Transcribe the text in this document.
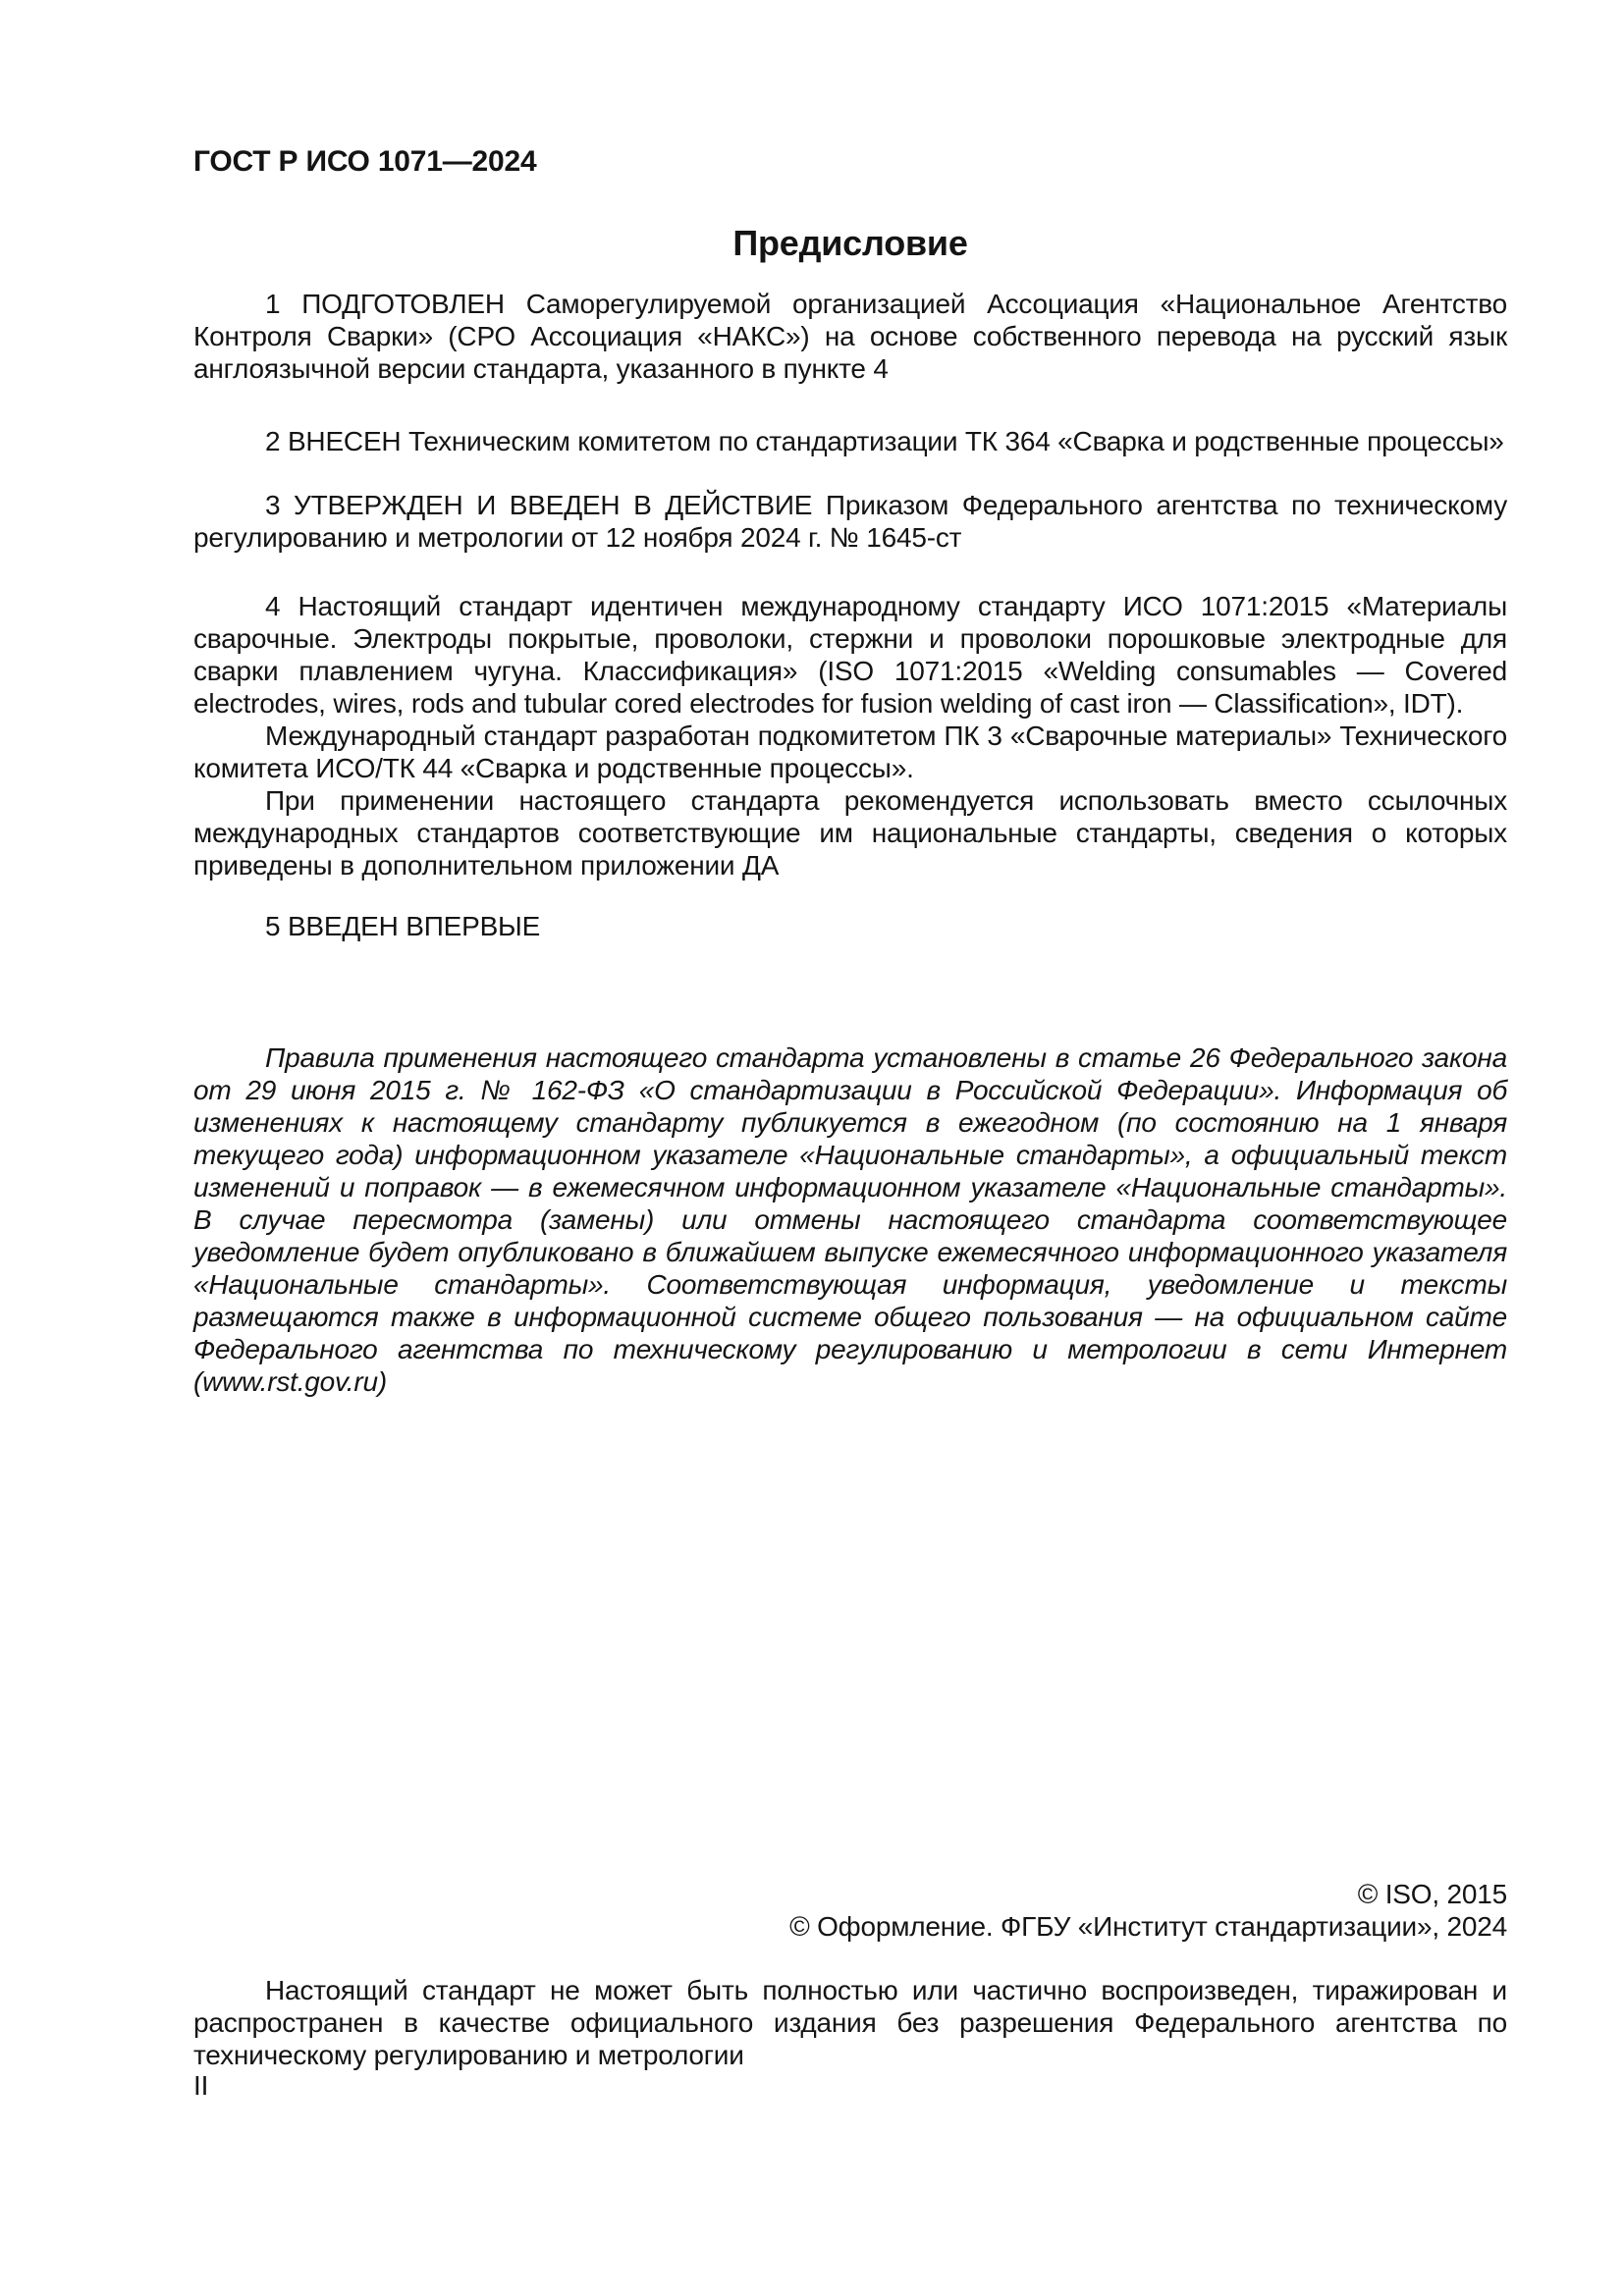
ГОСТ Р ИСО 1071—2024
Предисловие

1 ПОДГОТОВЛЕН Саморегулируемой организацией Ассоциация «Национальное Агентство Контроля Сварки» (СРО Ассоциация «НАКС») на основе собственного перевода на русский язык англоязычной версии стандарта, указанного в пункте 4

2 ВНЕСЕН Техническим комитетом по стандартизации ТК 364 «Сварка и родственные процессы»

3 УТВЕРЖДЕН И ВВЕДЕН В ДЕЙСТВИЕ Приказом Федерального агентства по техническому регулированию и метрологии от 12 ноября 2024 г. № 1645-ст

4 Настоящий стандарт идентичен международному стандарту ИСО 1071:2015 «Материалы сварочные. Электроды покрытые, проволоки, стержни и проволоки порошковые электродные для сварки плавлением чугуна. Классификация» (ISO 1071:2015 «Welding consumables — Covered electrodes, wires, rods and tubular cored electrodes for fusion welding of cast iron — Classification», IDT).

Международный стандарт разработан подкомитетом ПК 3 «Сварочные материалы» Технического комитета ИСО/ТК 44 «Сварка и родственные процессы».

При применении настоящего стандарта рекомендуется использовать вместо ссылочных международных стандартов соответствующие им национальные стандарты, сведения о которых приведены в дополнительном приложении ДА

5 ВВЕДЕН ВПЕРВЫЕ

Правила применения настоящего стандарта установлены в статье 26 Федерального закона от 29 июня 2015 г. № 162-ФЗ «О стандартизации в Российской Федерации». Информация об изменениях к настоящему стандарту публикуется в ежегодном (по состоянию на 1 января текущего года) информационном указателе «Национальные стандарты», а официальный текст изменений и поправок — в ежемесячном информационном указателе «Национальные стандарты». В случае пересмотра (замены) или отмены настоящего стандарта соответствующее уведомление будет опубликовано в ближайшем выпуске ежемесячного информационного указателя «Национальные стандарты». Соответствующая информация, уведомление и тексты размещаются также в информационной системе общего пользования — на официальном сайте Федерального агентства по техническому регулированию и метрологии в сети Интернет (www.rst.gov.ru)

© ISO, 2015
© Оформление. ФГБУ «Институт стандартизации», 2024

Настоящий стандарт не может быть полностью или частично воспроизведен, тиражирован и распространен в качестве официального издания без разрешения Федерального агентства по техническому регулированию и метрологии

II
